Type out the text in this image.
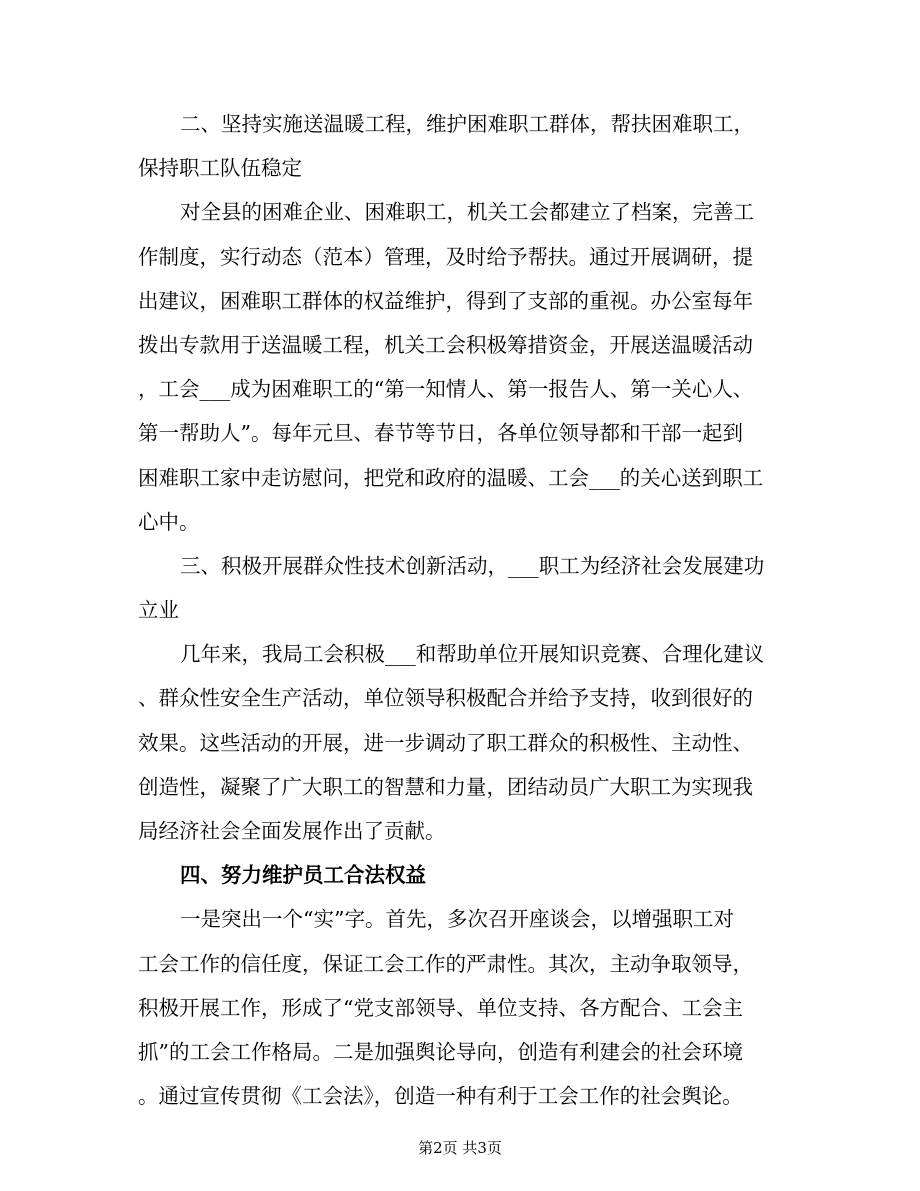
二、坚持实施送温暖工程，维护困难职工群体，帮扶困难职工，
保持职工队伍稳定
对全县的困难企业、困难职工，机关工会都建立了档案，完善工
作制度，实行动态（范本）管理，及时给予帮扶。通过开展调研，提
出建议，困难职工群体的权益维护，得到了支部的重视。办公室每年
拨出专款用于送温暖工程，机关工会积极筹措资金，开展送温暖活动
，工会___成为困难职工的“第一知情人、第一报告人、第一关心人、
第一帮助人”。每年元旦、春节等节日，各单位领导都和干部一起到
困难职工家中走访慰问，把党和政府的温暖、工会___的关心送到职工
心中。
三、积极开展群众性技术创新活动，___职工为经济社会发展建功
立业
几年来，我局工会积极___和帮助单位开展知识竞赛、合理化建议
、群众性安全生产活动，单位领导积极配合并给予支持，收到很好的
效果。这些活动的开展，进一步调动了职工群众的积极性、主动性、
创造性，凝聚了广大职工的智慧和力量，团结动员广大职工为实现我
局经济社会全面发展作出了贡献。
四、努力维护员工合法权益
一是突出一个“实”字。首先，多次召开座谈会，以增强职工对
工会工作的信任度，保证工会工作的严肃性。其次，主动争取领导，
积极开展工作，形成了“党支部领导、单位支持、各方配合、工会主
抓”的工会工作格局。二是加强舆论导向，创造有利建会的社会环境
。通过宣传贯彻《工会法》，创造一种有利于工会工作的社会舆论。
第2页 共3页
